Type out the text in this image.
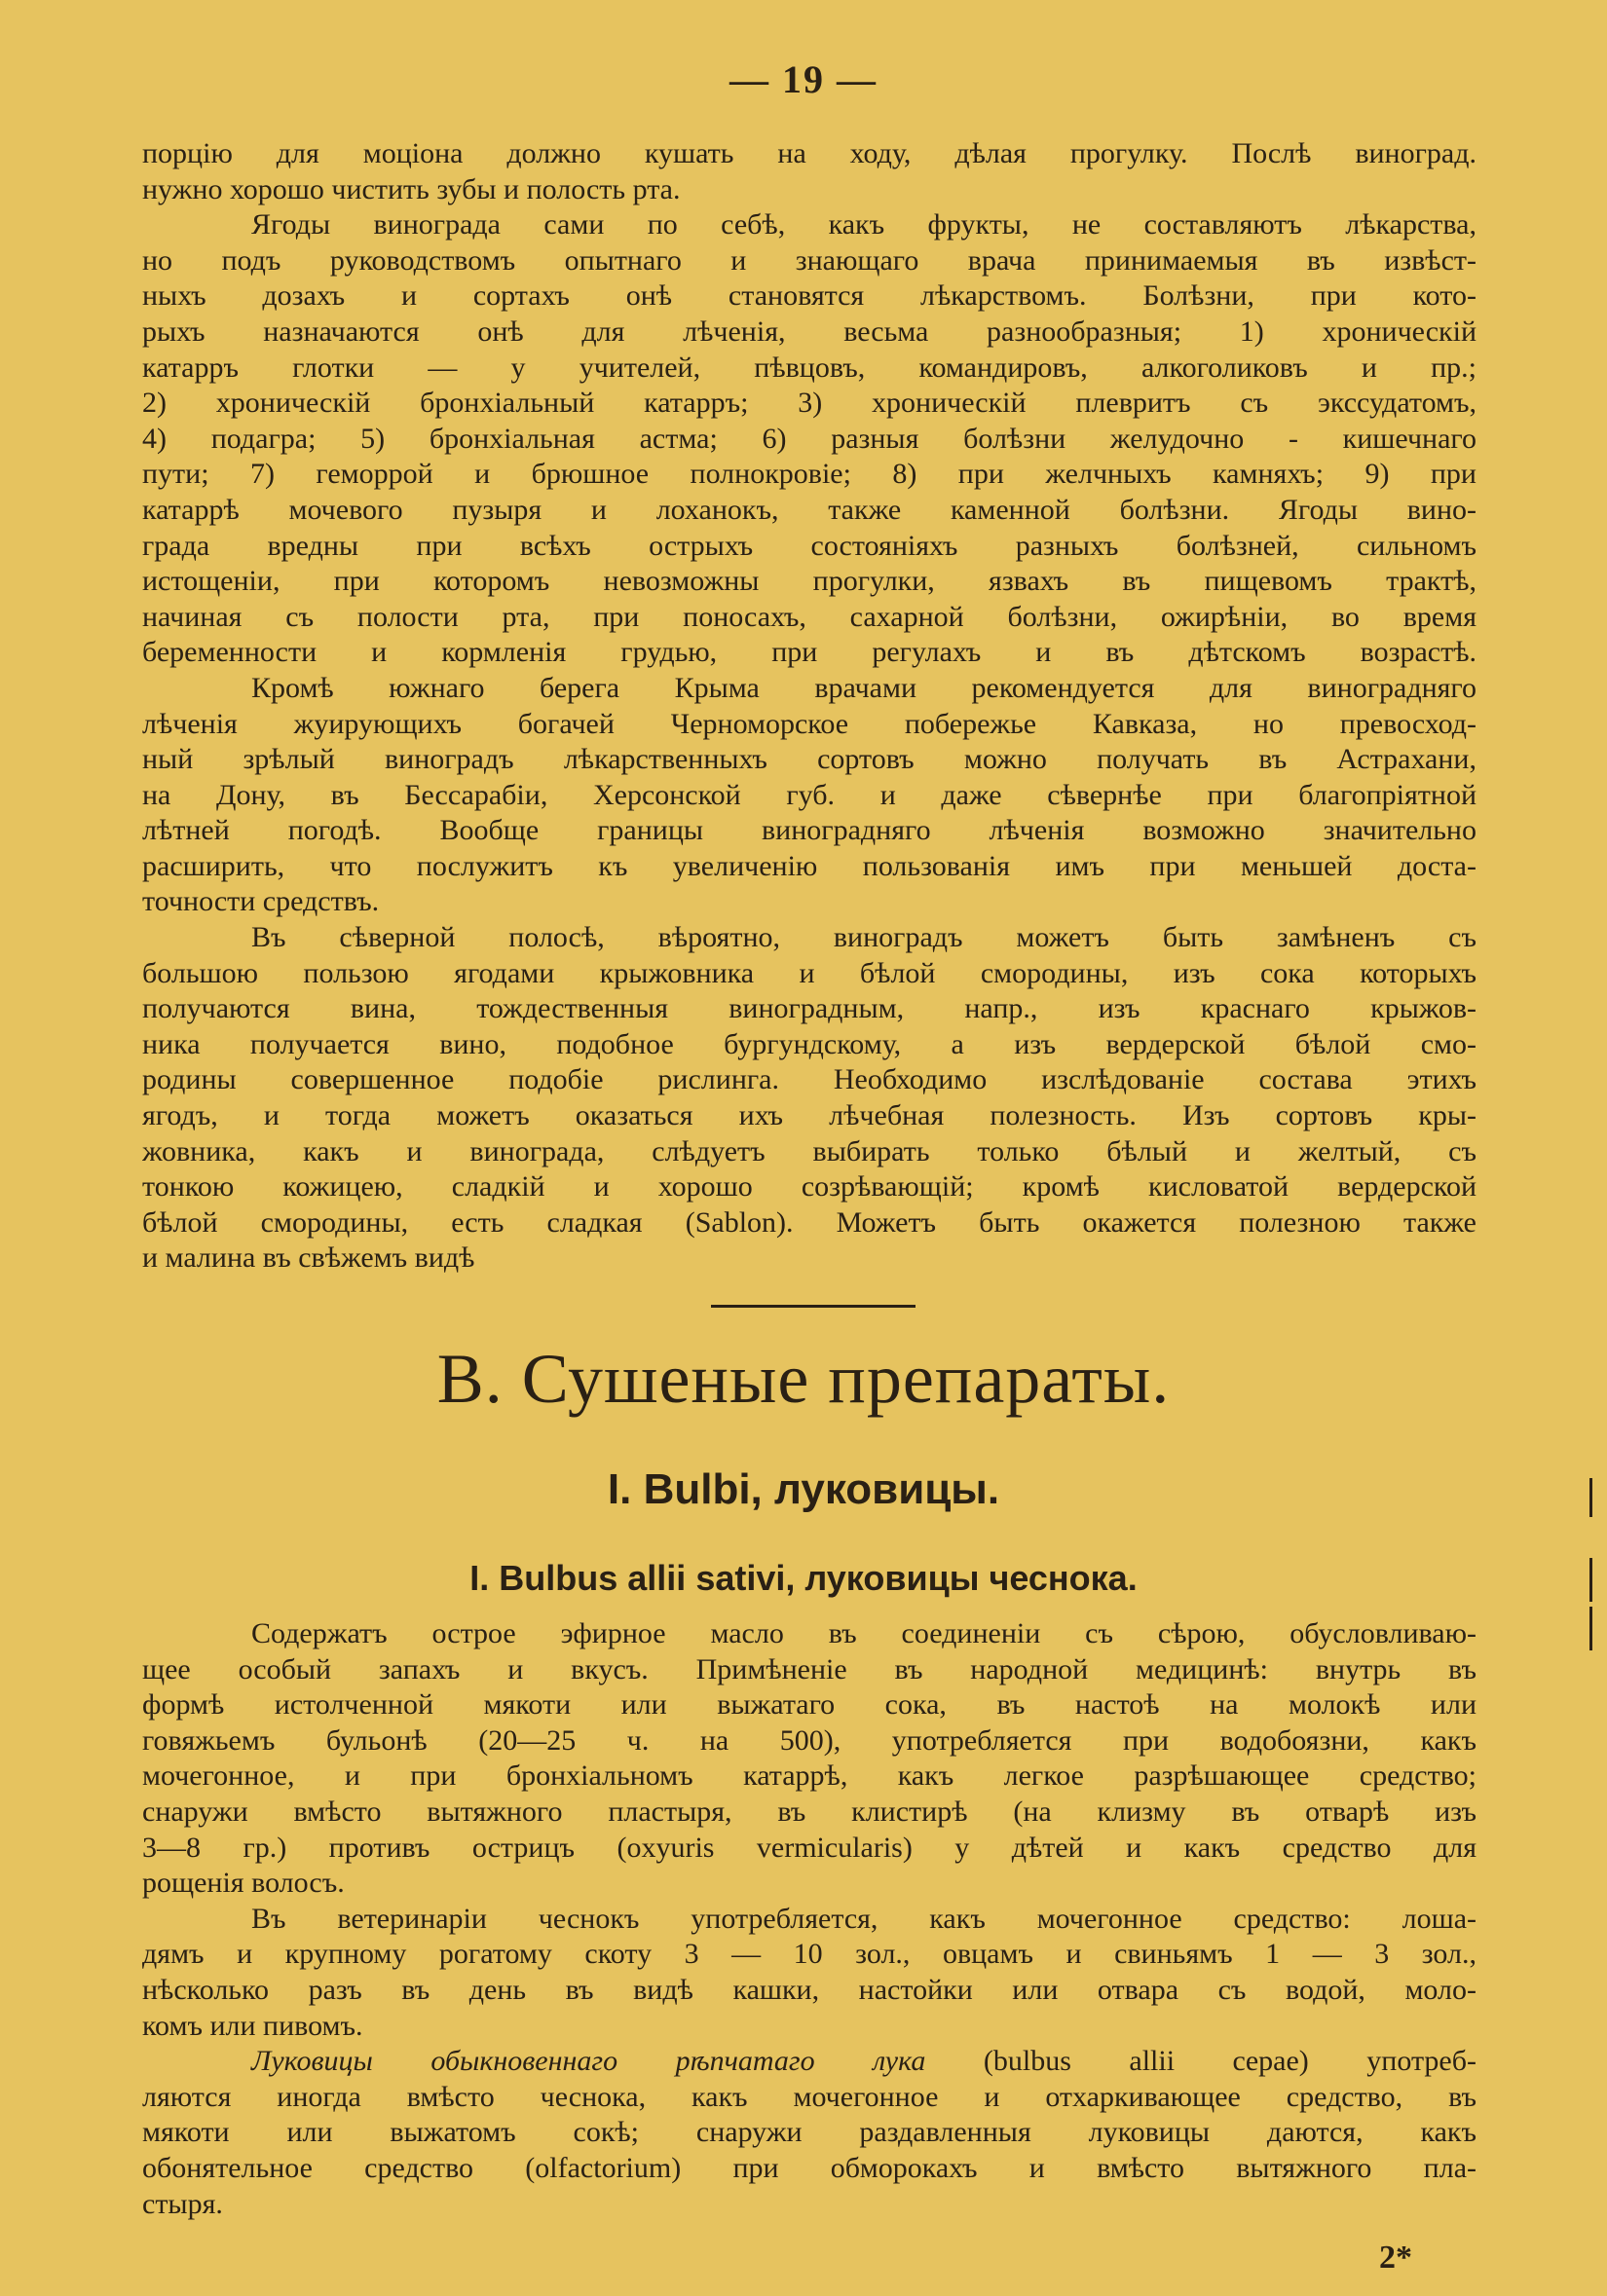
— 19 —
порцію для моціона должно кушать на ходу, дѣлая прогулку. Послѣ виноград.
нужно хорошо чистить зубы и полость рта.
Ягоды винограда сами по себѣ, какъ фрукты, не составляютъ лѣкарства,
но подъ руководствомъ опытнаго и знающаго врача принимаемыя въ извѣст-
ныхъ дозахъ и сортахъ онѣ становятся лѣкарствомъ. Болѣзни, при кото-
рыхъ назначаются онѣ для лѣченія, весьма разнообразныя; 1) хроническій
катарръ глотки — у учителей, пѣвцовъ, командировъ, алкоголиковъ и пр.;
2) хроническій бронхіальный катарръ; 3) хроническій плевритъ съ экссудатомъ,
4) подагра; 5) бронхіальная астма; 6) разныя болѣзни желудочно - кишечнаго
пути; 7) геморрой и брюшное полнокровіе; 8) при желчныхъ камняхъ; 9) при
катаррѣ мочевого пузыря и лоханокъ, также каменной болѣзни. Ягоды вино-
града вредны при всѣхъ острыхъ состояніяхъ разныхъ болѣзней, сильномъ
истощеніи, при которомъ невозможны прогулки, язвахъ въ пищевомъ трактѣ,
начиная съ полости рта, при поносахъ, сахарной болѣзни, ожирѣніи, во время
беременности и кормленія грудью, при регулахъ и въ дѣтскомъ возрастѣ.
Кромѣ южнаго берега Крыма врачами рекомендуется для виноградняго
лѣченія жуирующихъ богачей Черноморское побережье Кавказа, но превосход-
ный зрѣлый виноградъ лѣкарственныхъ сортовъ можно получать въ Астрахани,
на Дону, въ Бессарабіи, Херсонской губ. и даже сѣвернѣе при благопріятной
лѣтней погодѣ. Вообще границы виноградняго лѣченія возможно значительно
расширить, что послужитъ къ увеличенію пользованія имъ при меньшей доста-
точности средствъ.
Въ сѣверной полосѣ, вѣроятно, виноградъ можетъ быть замѣненъ съ
большою пользою ягодами крыжовника и бѣлой смородины, изъ сока которыхъ
получаются вина, тождественныя виноградным, напр., изъ краснаго крыжов-
ника получается вино, подобное бургундскому, а изъ вердерской бѣлой смо-
родины совершенное подобіе рислинга. Необходимо изслѣдованіе состава этихъ
ягодъ, и тогда можетъ оказаться ихъ лѣчебная полезность. Изъ сортовъ кры-
жовника, какъ и винограда, слѣдуетъ выбирать только бѣлый и желтый, съ
тонкою кожицею, сладкій и хорошо созрѣвающій; кромѣ кисловатой вердерской
бѣлой смородины, есть сладкая (Sablon). Можетъ быть окажется полезною также
и малина въ свѣжемъ видѣ
В. Сушеные препараты.
I. Bulbi, луковицы.
I. Bulbus allii sativi, луковицы чеснока.
Содержатъ острое эфирное масло въ соединеніи съ сѣрою, обусловливаю-
щее особый запахъ и вкусъ. Примѣненіе въ народной медицинѣ: внутрь въ
формѣ истолченной мякоти или выжатаго сока, въ настоѣ на молокѣ или
говяжьемъ бульонѣ (20—25 ч. на 500), употребляется при водобоязни, какъ
мочегонное, и при бронхіальномъ катаррѣ, какъ легкое разрѣшающее средство;
снаружи вмѣсто вытяжного пластыря, въ клистирѣ (на клизму въ отварѣ изъ
3—8 гр.) противъ острицъ (oxyuris vermicularis) у дѣтей и какъ средство для
рощенія волосъ.
Въ ветеринаріи чеснокъ употребляется, какъ мочегонное средство: лоша-
дямъ и крупному рогатому скоту 3 — 10 зол., овцамъ и свиньямъ 1 — 3 зол.,
нѣсколько разъ въ день въ видѣ кашки, настойки или отвара съ водой, моло-
комъ или пивомъ.
Луковицы обыкновеннаго рѣпчатаго лука (bulbus allii cepae) употреб-
ляются иногда вмѣсто чеснока, какъ мочегонное и отхаркивающее средство, въ
мякоти или выжатомъ сокѣ; снаружи раздавленныя луковицы даются, какъ
обонятельное средство (olfactorium) при обморокахъ и вмѣсто вытяжного пла-
стыря.
2*
